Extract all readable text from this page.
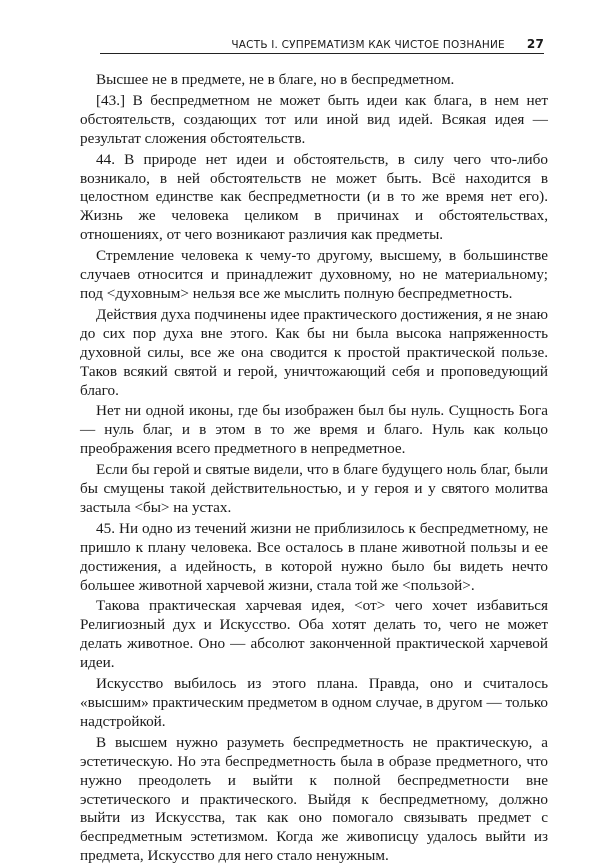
ЧАСТЬ I. СУПРЕМАТИЗМ КАК ЧИСТОЕ ПОЗНАНИЕ 27

Высшее не в предмете, не в благе, но в беспредметном.

[43.] В беспредметном не может быть идеи как блага, в нем нет обстоятельств, создающих тот или иной вид идей. Всякая идея — результат сложения обстоятельств.

44. В природе нет идеи и обстоятельств, в силу чего что-либо возникало, в ней обстоятельств не может быть. Всё находится в целостном единстве как беспредметности (и в то же время нет его). Жизнь же человека целиком в причинах и обстоятельствах, отношениях, от чего возникают различия как предметы.

Стремление человека к чему-то другому, высшему, в большинстве случаев относится и принадлежит духовному, но не материальному; под <духовным> нельзя все же мыслить полную беспредметность.

Действия духа подчинены идее практического достижения, я не знаю до сих пор духа вне этого. Как бы ни была высока напряженность духовной силы, все же она сводится к простой практической пользе. Таков всякий святой и герой, уничтожающий себя и проповедующий благо.

Нет ни одной иконы, где бы изображен был бы нуль. Сущность Бога — нуль благ, и в этом в то же время и благо. Нуль как кольцо преображения всего предметного в непредметное.

Если бы герой и святые видели, что в благе будущего ноль благ, были бы смущены такой действительностью, и у героя и у святого молитва застыла <бы> на устах.

45. Ни одно из течений жизни не приблизилось к беспредметному, не пришло к плану человека. Все осталось в плане животной пользы и ее достижения, а идейность, в которой нужно было бы видеть нечто большее животной харчевой жизни, стала той же <пользой>.

Такова практическая харчевая идея, <от> чего хочет избавиться Религиозный дух и Искусство. Оба хотят делать то, чего не может делать животное. Оно — абсолют законченной практической харчевой идеи.

Искусство выбилось из этого плана. Правда, оно и считалось «высшим» практическим предметом в одном случае, в другом — только надстройкой.

В высшем нужно разуметь беспредметность не практическую, а эстетическую. Но эта беспредметность была в образе предметного, что нужно преодолеть и выйти к полной беспредметности вне эстетического и практического. Выйдя к беспредметному, должно выйти из Искусства, так как оно помогало связывать предмет с беспредметным эстетизмом. Когда же живописцу удалось выйти из предмета, Искусство для него стало ненужным.
